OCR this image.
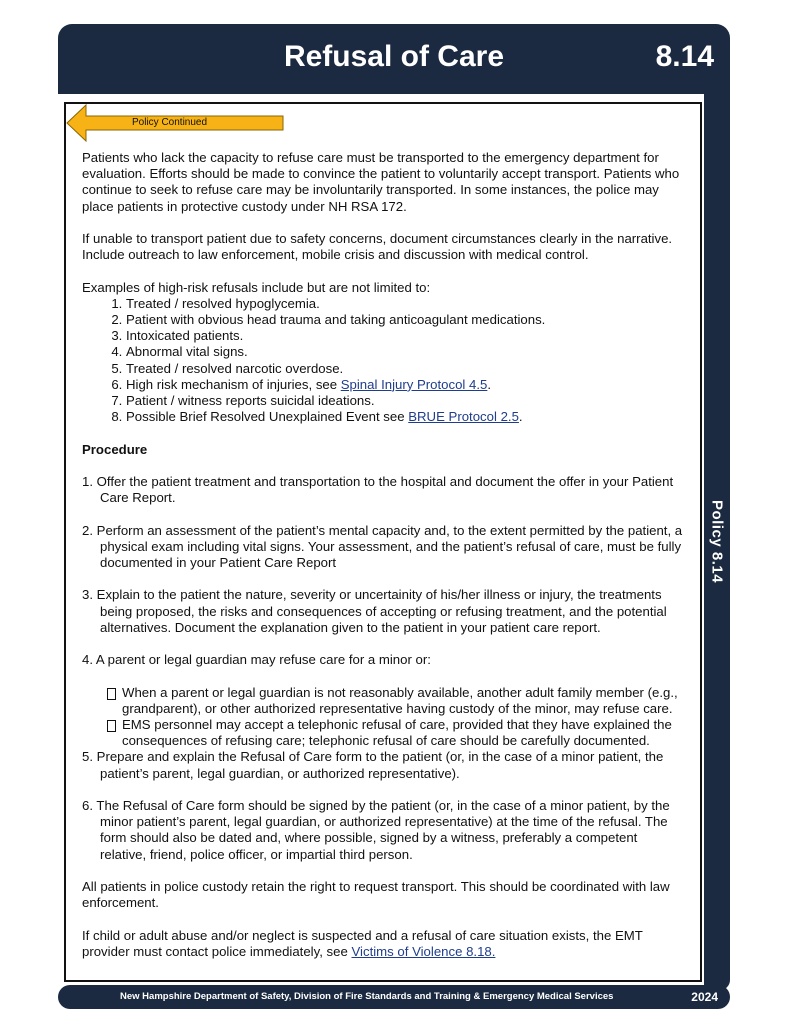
Refusal of Care	8.14
Policy 8.14
Policy Continued

Patients who lack the capacity to refuse care must be transported to the emergency department for evaluation. Efforts should be made to convince the patient to voluntarily accept transport. Patients who continue to seek to refuse care may be involuntarily transported. In some instances, the police may place patients in protective custody under NH RSA 172.

If unable to transport patient due to safety concerns, document circumstances clearly in the narrative. Include outreach to law enforcement, mobile crisis and discussion with medical control.

Examples of high-risk refusals include but are not limited to:

1. Treated / resolved hypoglycemia.
2. Patient with obvious head trauma and taking anticoagulant medications.
3. Intoxicated patients.
4. Abnormal vital signs.
5. Treated / resolved narcotic overdose.
6. High risk mechanism of injuries, see Spinal Injury Protocol 4.5.
7. Patient / witness reports suicidal ideations.
8. Possible Brief Resolved Unexplained Event see BRUE Protocol 2.5.

Procedure

1. Offer the patient treatment and transportation to the hospital and document the offer in your Patient Care Report.

2. Perform an assessment of the patient’s mental capacity and, to the extent permitted by the patient, a physical exam including vital signs. Your assessment, and the patient’s refusal of care, must be fully documented in your Patient Care Report

3. Explain to the patient the nature, severity or uncertainity of his/her illness or injury, the treatments being proposed, the risks and consequences of accepting or refusing treatment, and the potential alternatives. Document the explanation given to the patient in your patient care report.

4. A parent or legal guardian may refuse care for a minor or:

When a parent or legal guardian is not reasonably available, another adult family member (e.g., grandparent), or other authorized representative having custody of the minor, may refuse care.
EMS personnel may accept a telephonic refusal of care, provided that they have explained the consequences of refusing care; telephonic refusal of care should be carefully documented.

5. Prepare and explain the Refusal of Care form to the patient (or, in the case of a minor patient, the patient’s parent, legal guardian, or authorized representative).

6. The Refusal of Care form should be signed by the patient (or, in the case of a minor patient, by the minor patient’s parent, legal guardian, or authorized representative) at the time of the refusal. The form should also be dated and, where possible, signed by a witness, preferably a competent relative, friend, police officer, or impartial third person.

All patients in police custody retain the right to request transport. This should be coordinated with law enforcement.

If child or adult abuse and/or neglect is suspected and a refusal of care situation exists, the EMT provider must contact police immediately, see Victims of Violence 8.18.

New Hampshire Department of Safety, Division of Fire Standards and Training & Emergency Medical Services	2024
